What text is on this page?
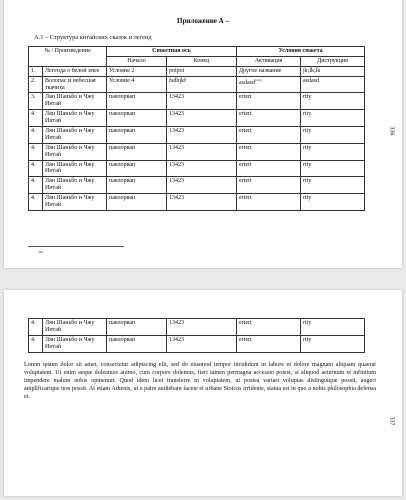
Приложение А –
А.1 – Структура китайских сказок и легенд
№ / Произведение		Сюжетная ось		Условия сюжета	
		Начало	Конец	Активация	Диструкция
1.	Легенда о белой змее	Условие 2	poipoi	Другое название	jk;lk;lk
2.	Волопас и небесная ткачиха	Условие 4	fsdhjkf	asdasd[xtx]	asdasd
3.	Лян Шаньбо и Чжу Интай	павлорвап	13423	ertert	rtty
4.	Лян Шаньбо и Чжу Интай	павлорвап	13423	ertert	rtty
4.	Лян Шаньбо и Чжу Интай	павлорвап	13423	ertert	rtty
4.	Лян Шаньбо и Чжу Интай	павлорвап	13423	ertert	rtty
4.	Лян Шаньбо и Чжу Интай	павлорвап	13423	ertert	rtty
4.	Лян Шаньбо и Чжу Интай	павлорвап	13423	ertert	rtty
4.	Лян Шаньбо и Чжу Интай	павлорвап	13423	ertert	rtty
xxx
336
4.	Лян Шаньбо и Чжу Интай	павлорвап	13423	ertert	rtty
4.	Лян Шаньбо и Чжу Интай	павлорвап	13423	ertert	rtty
Lorem ipsum dolor sit amet, consectetur adipiscing elit, sed do eiusmod tempor incididunt ut labore et dolore magnam aliquam quaerat voluptatem. Ut enim aeque doleamus animo, cum corpore dolemus, fieri tamen permagna accessio potest, si aliquod aeternum et infinitum impendere malum nobis opinemur. Quod idem licet transferre in voluptatem, ut postea variari voluptas distinguique possit, augeri amplificarique non possit. At etiam Athenis, ut e patre audiebam facete et urbane Stoicos irridente, statua est in quo a nobis philosophia defensa et.
337
